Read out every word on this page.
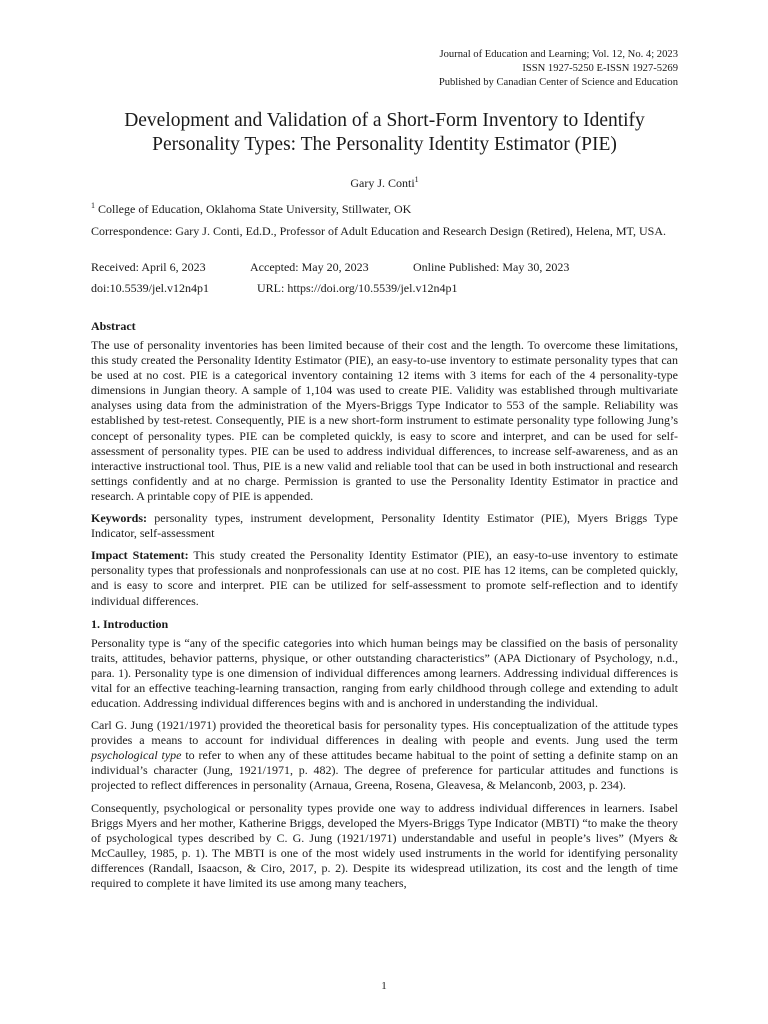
Journal of Education and Learning; Vol. 12, No. 4; 2023
ISSN 1927-5250 E-ISSN 1927-5269
Published by Canadian Center of Science and Education
Development and Validation of a Short-Form Inventory to Identify Personality Types: The Personality Identity Estimator (PIE)
Gary J. Conti$^1$
$^1$ College of Education, Oklahoma State University, Stillwater, OK
Correspondence: Gary J. Conti, Ed.D., Professor of Adult Education and Research Design (Retired), Helena, MT, USA.
Received: April 6, 2023	Accepted: May 20, 2023	Online Published: May 30, 2023
doi:10.5539/jel.v12n4p1	URL: https://doi.org/10.5539/jel.v12n4p1
Abstract
The use of personality inventories has been limited because of their cost and the length. To overcome these limitations, this study created the Personality Identity Estimator (PIE), an easy-to-use inventory to estimate personality types that can be used at no cost. PIE is a categorical inventory containing 12 items with 3 items for each of the 4 personality-type dimensions in Jungian theory. A sample of 1,104 was used to create PIE. Validity was established through multivariate analyses using data from the administration of the Myers-Briggs Type Indicator to 553 of the sample. Reliability was established by test-retest. Consequently, PIE is a new short-form instrument to estimate personality type following Jung’s concept of personality types. PIE can be completed quickly, is easy to score and interpret, and can be used for self-assessment of personality types. PIE can be used to address individual differences, to increase self-awareness, and as an interactive instructional tool. Thus, PIE is a new valid and reliable tool that can be used in both instructional and research settings confidently and at no charge. Permission is granted to use the Personality Identity Estimator in practice and research. A printable copy of PIE is appended.
Keywords: personality types, instrument development, Personality Identity Estimator (PIE), Myers Briggs Type Indicator, self-assessment
Impact Statement: This study created the Personality Identity Estimator (PIE), an easy-to-use inventory to estimate personality types that professionals and nonprofessionals can use at no cost. PIE has 12 items, can be completed quickly, and is easy to score and interpret. PIE can be utilized for self-assessment to promote self-reflection and to identify individual differences.
1. Introduction
Personality type is “any of the specific categories into which human beings may be classified on the basis of personality traits, attitudes, behavior patterns, physique, or other outstanding characteristics” (APA Dictionary of Psychology, n.d., para. 1). Personality type is one dimension of individual differences among learners. Addressing individual differences is vital for an effective teaching-learning transaction, ranging from early childhood through college and extending to adult education. Addressing individual differences begins with and is anchored in understanding the individual.
Carl G. Jung (1921/1971) provided the theoretical basis for personality types. His conceptualization of the attitude types provides a means to account for individual differences in dealing with people and events. Jung used the term psychological type to refer to when any of these attitudes became habitual to the point of setting a definite stamp on an individual’s character (Jung, 1921/1971, p. 482). The degree of preference for particular attitudes and functions is projected to reflect differences in personality (Arnaua, Greena, Rosena, Gleavesa, & Melanconb, 2003, p. 234).
Consequently, psychological or personality types provide one way to address individual differences in learners. Isabel Briggs Myers and her mother, Katherine Briggs, developed the Myers-Briggs Type Indicator (MBTI) “to make the theory of psychological types described by C. G. Jung (1921/1971) understandable and useful in people’s lives” (Myers & McCaulley, 1985, p. 1). The MBTI is one of the most widely used instruments in the world for identifying personality differences (Randall, Isaacson, & Ciro, 2017, p. 2). Despite its widespread utilization, its cost and the length of time required to complete it have limited its use among many teachers,
1
